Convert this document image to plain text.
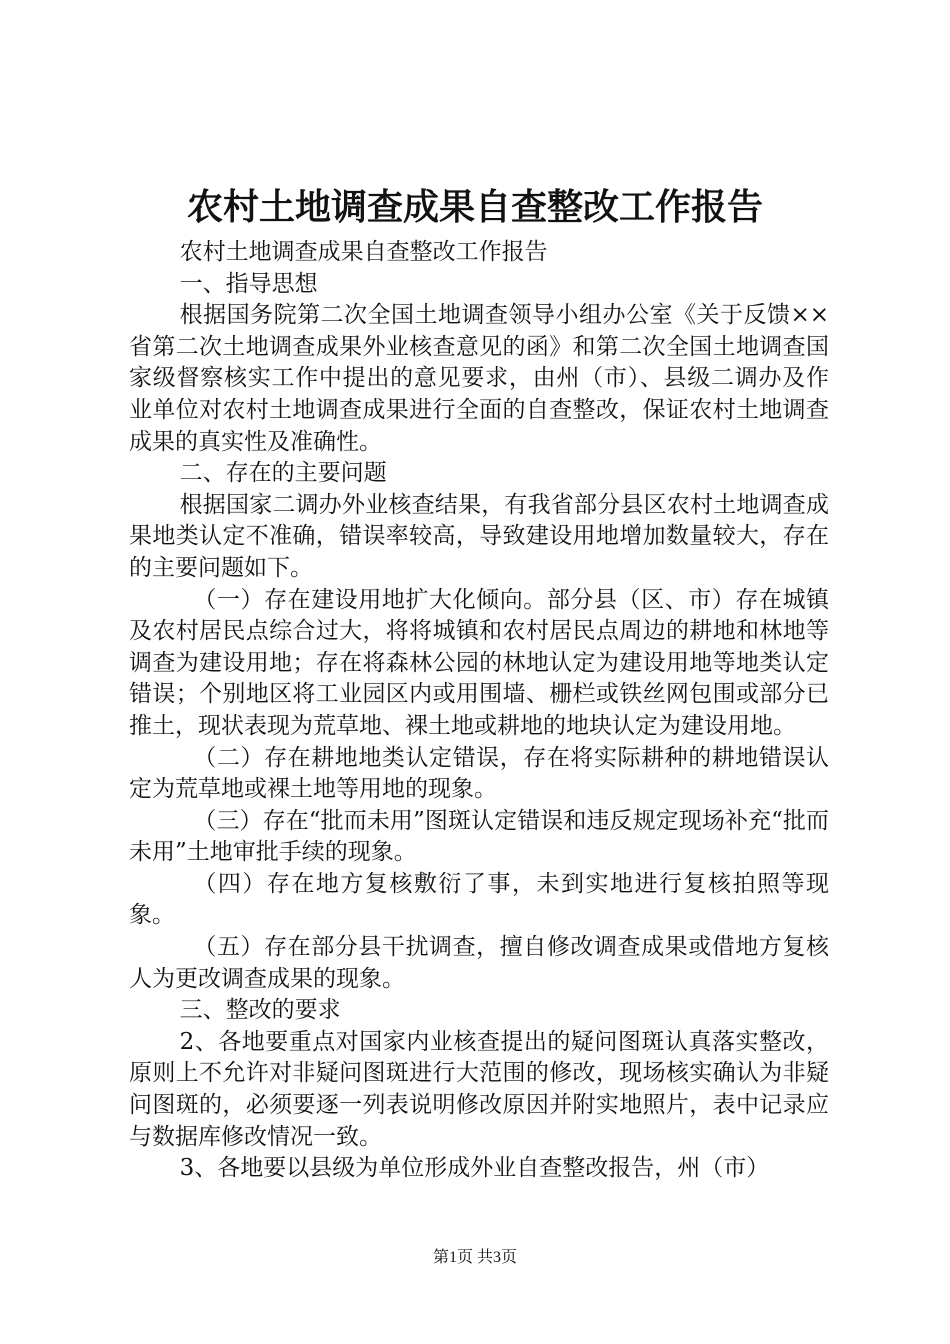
农村土地调查成果自查整改工作报告

农村土地调查成果自查整改工作报告

一、指导思想

根据国务院第二次全国土地调查领导小组办公室《关于反馈××省第二次土地调查成果外业核查意见的函》和第二次全国土地调查国家级督察核实工作中提出的意见要求，由州（市）、县级二调办及作业单位对农村土地调查成果进行全面的自查整改，保证农村土地调查成果的真实性及准确性。

二、存在的主要问题

根据国家二调办外业核查结果，有我省部分县区农村土地调查成果地类认定不准确，错误率较高，导致建设用地增加数量较大，存在的主要问题如下。

（一）存在建设用地扩大化倾向。部分县（区、市）存在城镇及农村居民点综合过大，将将城镇和农村居民点周边的耕地和林地等调查为建设用地；存在将森林公园的林地认定为建设用地等地类认定错误；个别地区将工业园区内或用围墙、栅栏或铁丝网包围或部分已推土，现状表现为荒草地、裸土地或耕地的地块认定为建设用地。

（二）存在耕地地类认定错误，存在将实际耕种的耕地错误认定为荒草地或裸土地等用地的现象。

（三）存在“批而未用”图斑认定错误和违反规定现场补充“批而未用”土地审批手续的现象。

（四）存在地方复核敷衍了事，未到实地进行复核拍照等现象。

（五）存在部分县干扰调查，擅自修改调查成果或借地方复核人为更改调查成果的现象。

三、整改的要求

2、各地要重点对国家内业核查提出的疑问图斑认真落实整改，原则上不允许对非疑问图斑进行大范围的修改，现场核实确认为非疑问图斑的，必须要逐一列表说明修改原因并附实地照片，表中记录应与数据库修改情况一致。

3、各地要以县级为单位形成外业自查整改报告，州（市）

第1页 共3页
